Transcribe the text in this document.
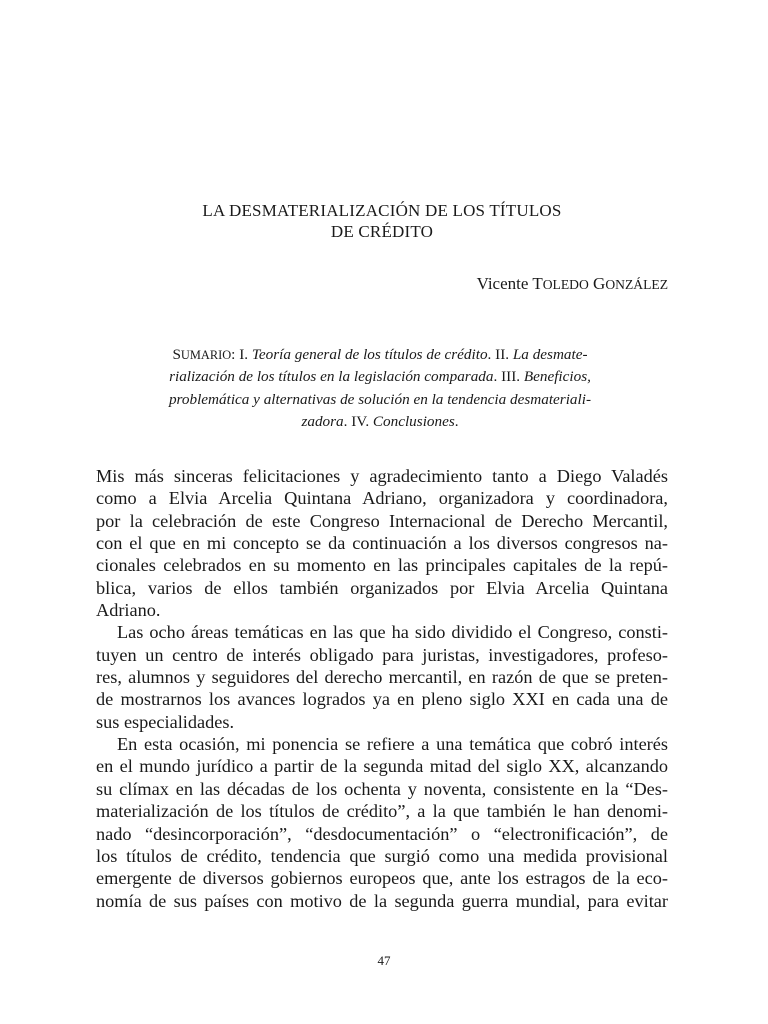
LA DESMATERIALIZACIÓN DE LOS TÍTULOS
DE CRÉDITO
Vicente TOLEDO GONZÁLEZ
SUMARIO: I. Teoría general de los títulos de crédito. II. La desmate-
rialización de los títulos en la legislación comparada. III. Beneficios,
problemática y alternativas de solución en la tendencia desmateriali-
zadora. IV. Conclusiones.
Mis más sinceras felicitaciones y agradecimiento tanto a Diego Valadés
como a Elvia Arcelia Quintana Adriano, organizadora y coordinadora,
por la celebración de este Congreso Internacional de Derecho Mercantil,
con el que en mi concepto se da continuación a los diversos congresos na-
cionales celebrados en su momento en las principales capitales de la repú-
blica, varios de ellos también organizados por Elvia Arcelia Quintana
Adriano.
Las ocho áreas temáticas en las que ha sido dividido el Congreso, consti-
tuyen un centro de interés obligado para juristas, investigadores, profeso-
res, alumnos y seguidores del derecho mercantil, en razón de que se preten-
de mostrarnos los avances logrados ya en pleno siglo XXI en cada una de
sus especialidades.
En esta ocasión, mi ponencia se refiere a una temática que cobró interés
en el mundo jurídico a partir de la segunda mitad del siglo XX, alcanzando
su clímax en las décadas de los ochenta y noventa, consistente en la “Des-
materialización de los títulos de crédito”, a la que también le han denomi-
nado “desincorporación”, “desdocumentación” o “electronificación”, de
los títulos de crédito, tendencia que surgió como una medida provisional
emergente de diversos gobiernos europeos que, ante los estragos de la eco-
nomía de sus países con motivo de la segunda guerra mundial, para evitar
47
